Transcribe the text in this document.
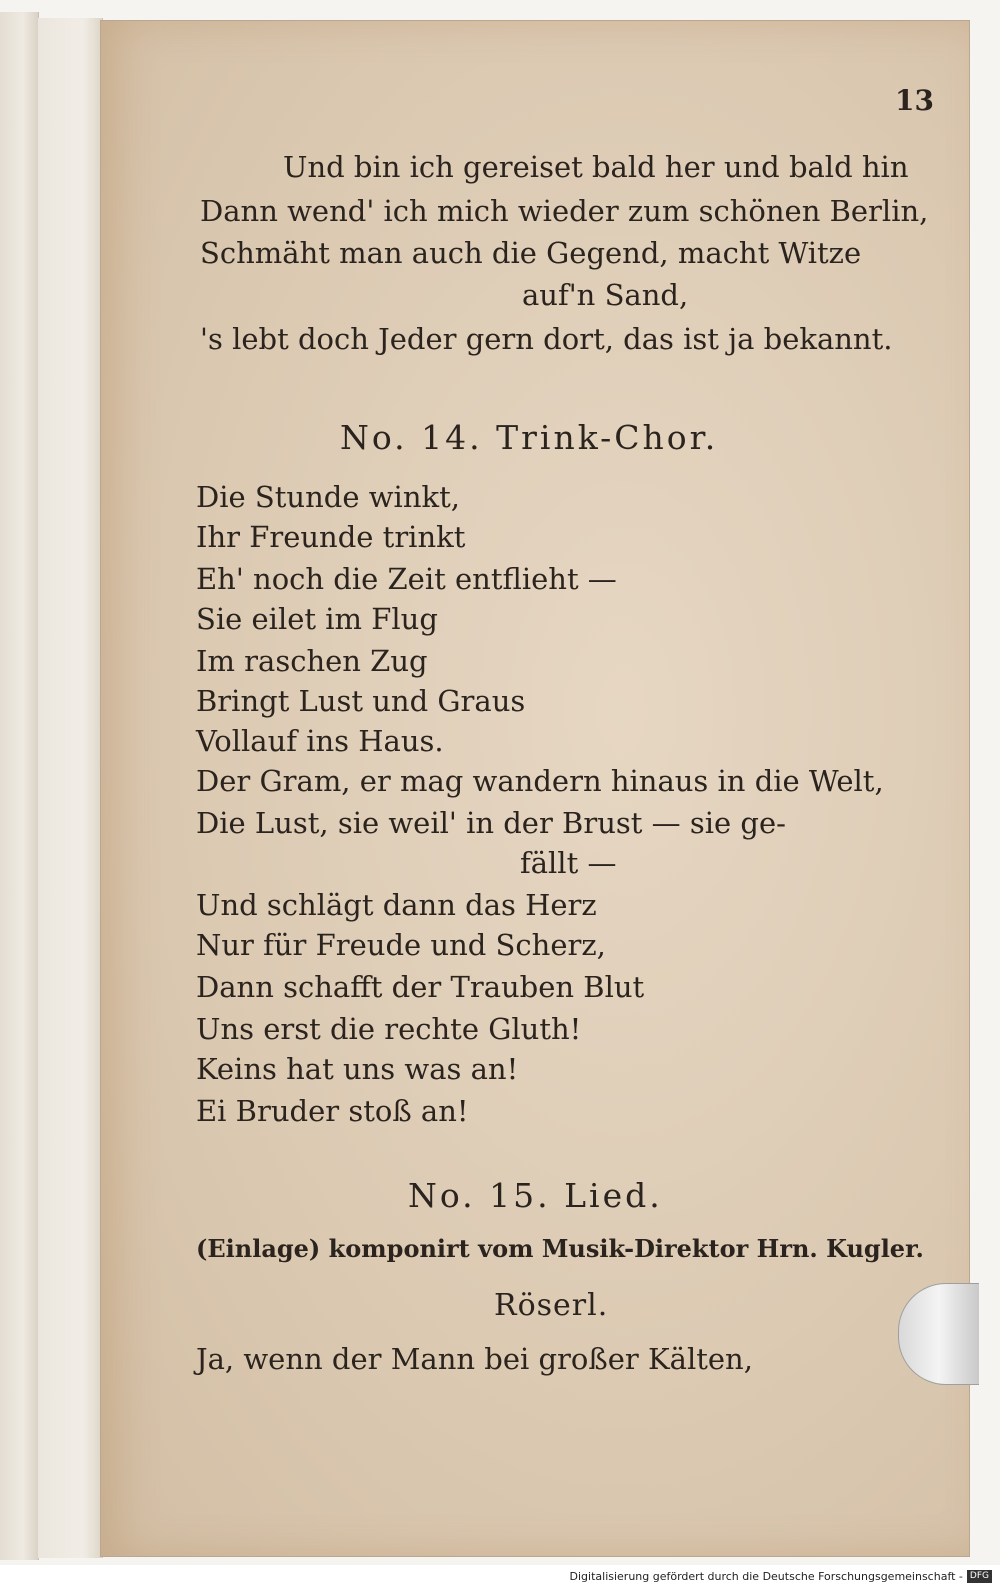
13
Und bin ich gereiset bald her und bald hin
Dann wend' ich mich wieder zum schönen Berlin,
Schmäht man auch die Gegend, macht Witze
auf'n Sand,
's lebt doch Jeder gern dort, das ist ja bekannt.
No. 14. Trink-Chor.
Die Stunde winkt,
Ihr Freunde trinkt
Eh' noch die Zeit entflieht —
Sie eilet im Flug
Im raschen Zug
Bringt Lust und Graus
Vollauf ins Haus.
Der Gram, er mag wandern hinaus in die Welt,
Die Lust, sie weil' in der Brust — sie ge-
fällt —
Und schlägt dann das Herz
Nur für Freude und Scherz,
Dann schafft der Trauben Blut
Uns erst die rechte Gluth!
Keins hat uns was an!
Ei Bruder stoß an!
No. 15. Lied.
(Einlage) komponirt vom Musik-Direktor Hrn. Kugler.
Röserl.
Ja, wenn der Mann bei großer Kälten,
Digitalisierung gefördert durch die Deutsche Forschungsgemeinschaft - DFG
